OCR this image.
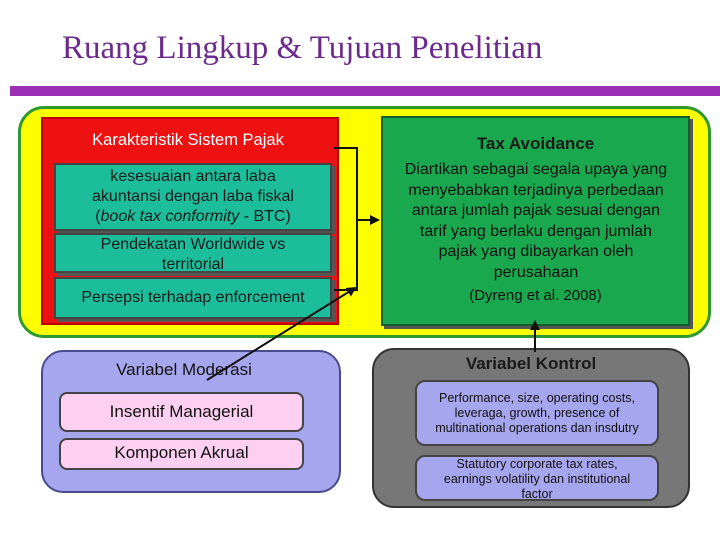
Ruang Lingkup & Tujuan Penelitian
Karakteristik Sistem Pajak
kesesuaian antara laba
akuntansi dengan laba fiskal
(book tax conformity - BTC)
Pendekatan Worldwide vs
territorial
Persepsi terhadap enforcement
Tax Avoidance
Diartikan sebagai segala upaya yang
menyebabkan terjadinya perbedaan
antara jumlah pajak sesuai dengan
tarif yang berlaku dengan jumlah
pajak yang dibayarkan oleh
perusahaan
(Dyreng et al. 2008)
Variabel Moderasi
Insentif Managerial
Komponen Akrual
Variabel Kontrol
Performance, size, operating costs,
leveraga, growth, presence of
multinational operations dan insdutry
Statutory corporate tax rates,
earnings volatility dan institutional
factor
